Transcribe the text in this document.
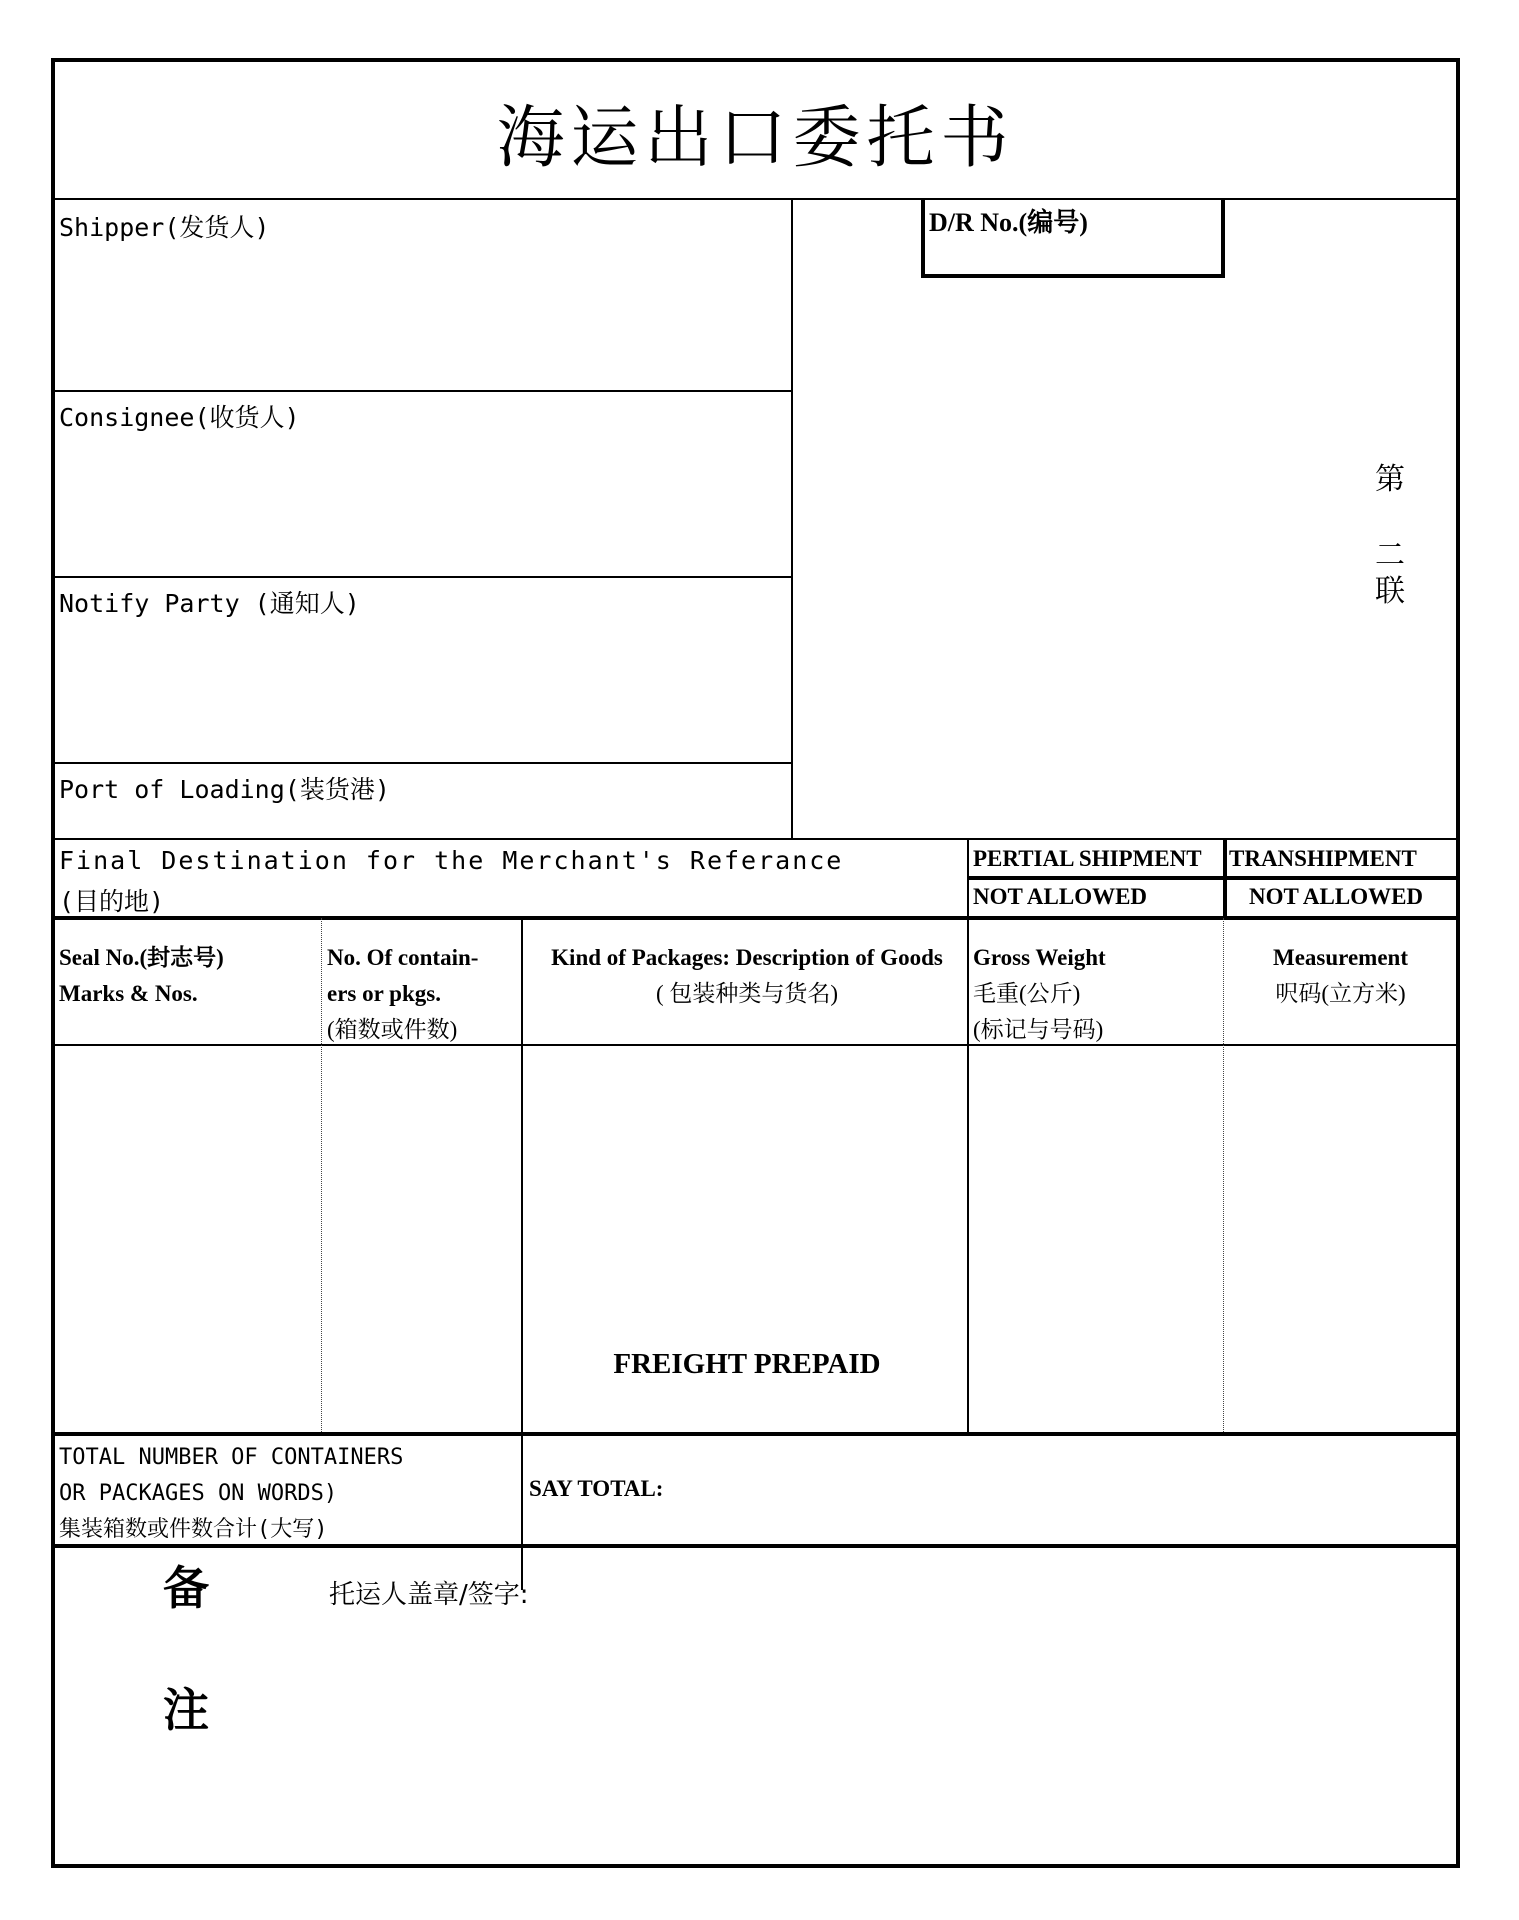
海运出口委托书
Shipper(发货人)
Consignee(收货人)
Notify Party (通知人)
Port of Loading(装货港)
D/R No.(编号)
第
二
联
Final Destination for the Merchant's Referance
(目的地)
PERTIAL SHIPMENT
NOT ALLOWED
TRANSHIPMENT
NOT ALLOWED
Seal No.(封志号)
Marks & Nos.
No. Of contain-
ers or pkgs.
(箱数或件数)
Kind of Packages: Description of Goods
( 包装种类与货名)
Gross Weight
毛重(公斤)
(标记与号码)
Measurement
呎码(立方米)
FREIGHT PREPAID
TOTAL NUMBER OF CONTAINERS
OR PACKAGES ON WORDS)
集装箱数或件数合计(大写)
SAY TOTAL:
备
注
托运人盖章/签字:
